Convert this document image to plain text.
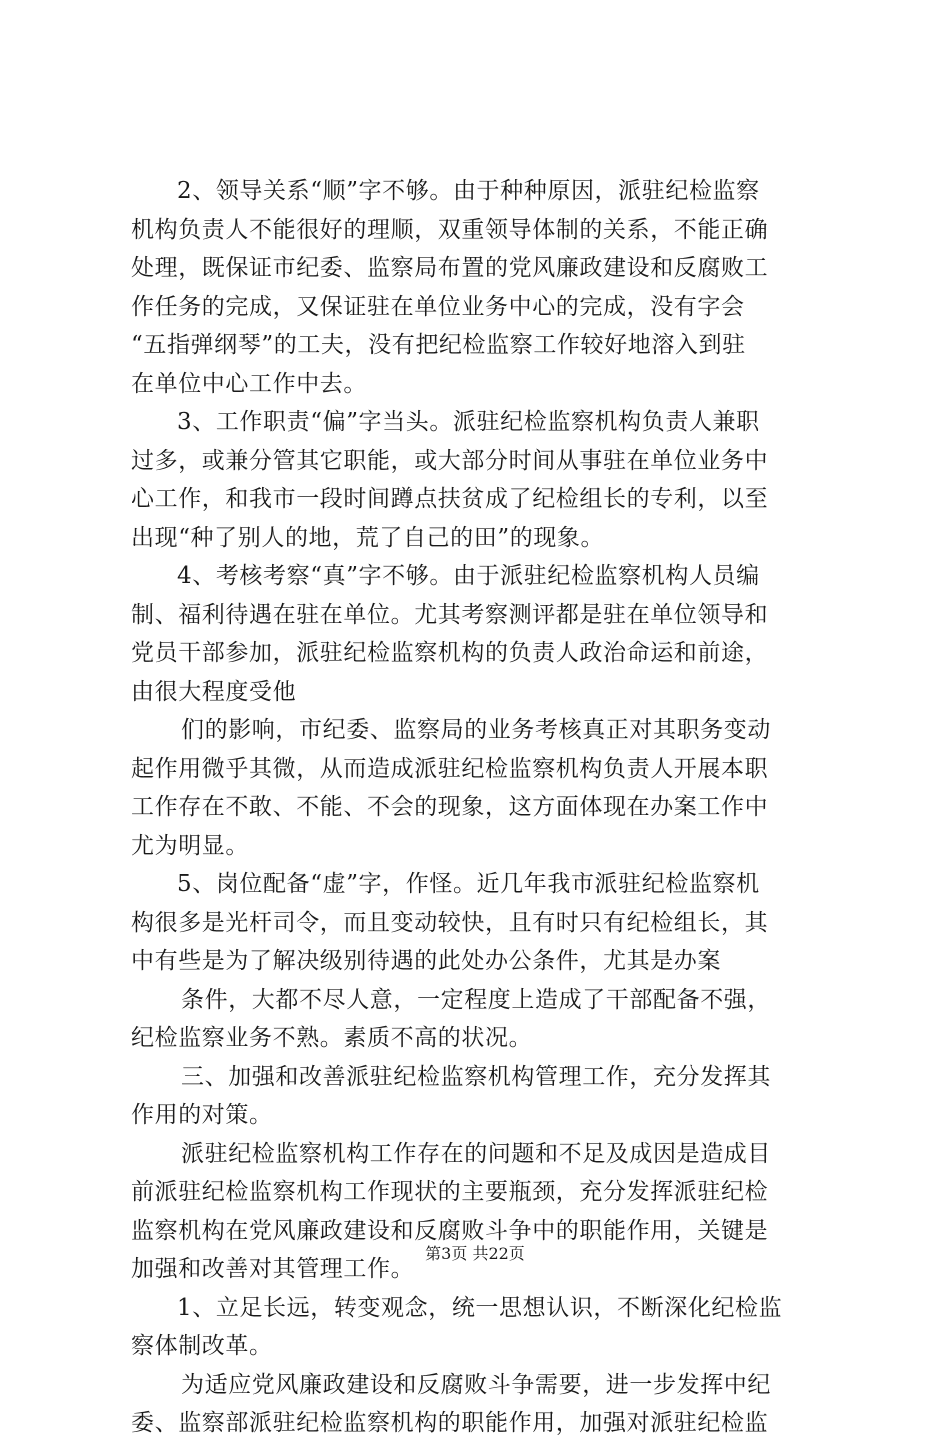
2、领导关系“顺”字不够。由于种种原因，派驻纪检监察
机构负责人不能很好的理顺，双重领导体制的关系，不能正确
处理，既保证市纪委、监察局布置的党风廉政建设和反腐败工
作任务的完成，又保证驻在单位业务中心的完成，没有字会
“五指弹纲琴”的工夫，没有把纪检监察工作较好地溶入到驻
在单位中心工作中去。
3、工作职责“偏”字当头。派驻纪检监察机构负责人兼职
过多，或兼分管其它职能，或大部分时间从事驻在单位业务中
心工作，和我市一段时间蹲点扶贫成了纪检组长的专利，以至
出现“种了别人的地，荒了自己的田”的现象。
4、考核考察“真”字不够。由于派驻纪检监察机构人员编
制、福利待遇在驻在单位。尤其考察测评都是驻在单位领导和
党员干部参加，派驻纪检监察机构的负责人政治命运和前途，
由很大程度受他
们的影响，市纪委、监察局的业务考核真正对其职务变动
起作用微乎其微，从而造成派驻纪检监察机构负责人开展本职
工作存在不敢、不能、不会的现象，这方面体现在办案工作中
尤为明显。
5、岗位配备“虚”字，作怪。近几年我市派驻纪检监察机
构很多是光杆司令，而且变动较快，且有时只有纪检组长，其
中有些是为了解决级别待遇的此处办公条件，尤其是办案
条件，大都不尽人意，一定程度上造成了干部配备不强，
纪检监察业务不熟。素质不高的状况。
三、加强和改善派驻纪检监察机构管理工作，充分发挥其
作用的对策。
派驻纪检监察机构工作存在的问题和不足及成因是造成目
前派驻纪检监察机构工作现状的主要瓶颈，充分发挥派驻纪检
监察机构在党风廉政建设和反腐败斗争中的职能作用，关键是
加强和改善对其管理工作。
1、立足长远，转变观念，统一思想认识，不断深化纪检监
察体制改革。
为适应党风廉政建设和反腐败斗争需要，进一步发挥中纪
委、监察部派驻纪检监察机构的职能作用，加强对派驻纪检监
第3页 共22页
